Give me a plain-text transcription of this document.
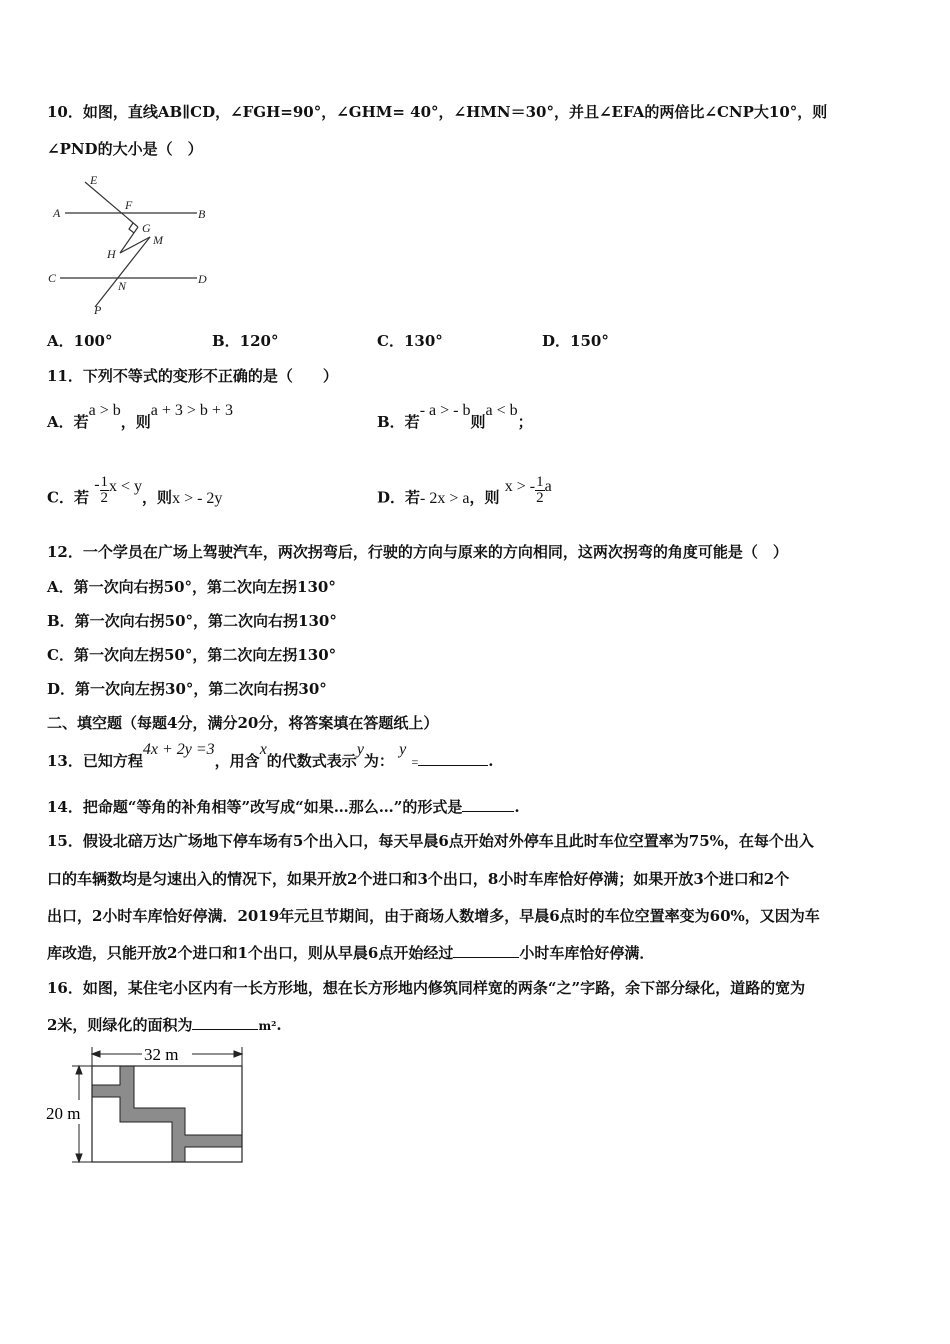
10．如图，直线AB∥CD，∠FGH=90°，∠GHM= 40°，∠HMN＝30°，并且∠EFA的两倍比∠CNP大10°，则
∠PND的大小是（　）
E
F
A	B
G
M
H
C	D
N
P
A．100°	B．120°	C．130°	D．150°
11．下列不等式的变形不正确的是（　　）
A．若a > b，则a + 3 > b + 3
B．若- a > - b则a < b；
C．若 - $\frac{1}{2}$ x < y，则x > - 2y	D．若- 2x > a，则 x > - $\frac{1}{2}$ a
12．一个学员在广场上驾驶汽车，两次拐弯后，行驶的方向与原来的方向相同，这两次拐弯的角度可能是（　）
A．第一次向右拐50°，第二次向左拐130°
B．第一次向右拐50°，第二次向右拐130°
C．第一次向左拐50°，第二次向左拐130°
D．第一次向左拐30°，第二次向右拐30°
二、填空题（每题4分，满分20分，将答案填在答题纸上）
13．已知方程4x + 2y =3，用含x的代数式表示y为： y =	.
14．把命题“等角的补角相等”改写成“如果…那么…”的形式是	.
15．假设北碚万达广场地下停车场有5个出入口，每天早晨6点开始对外停车且此时车位空置率为75%，在每个出入
口的车辆数均是匀速出入的情况下，如果开放2个进口和3个出口，8小时车库恰好停满；如果开放3个进口和2个
出口，2小时车库恰好停满．2019年元旦节期间，由于商场人数增多，早晨6点时的车位空置率变为60%，又因为车
库改造，只能开放2个进口和1个出口，则从早晨6点开始经过	小时车库恰好停满．
16．如图，某住宅小区内有一长方形地，想在长方形地内修筑同样宽的两条“之”字路，余下部分绿化，道路的宽为
2米，则绿化的面积为	m².
32 m
20 m
